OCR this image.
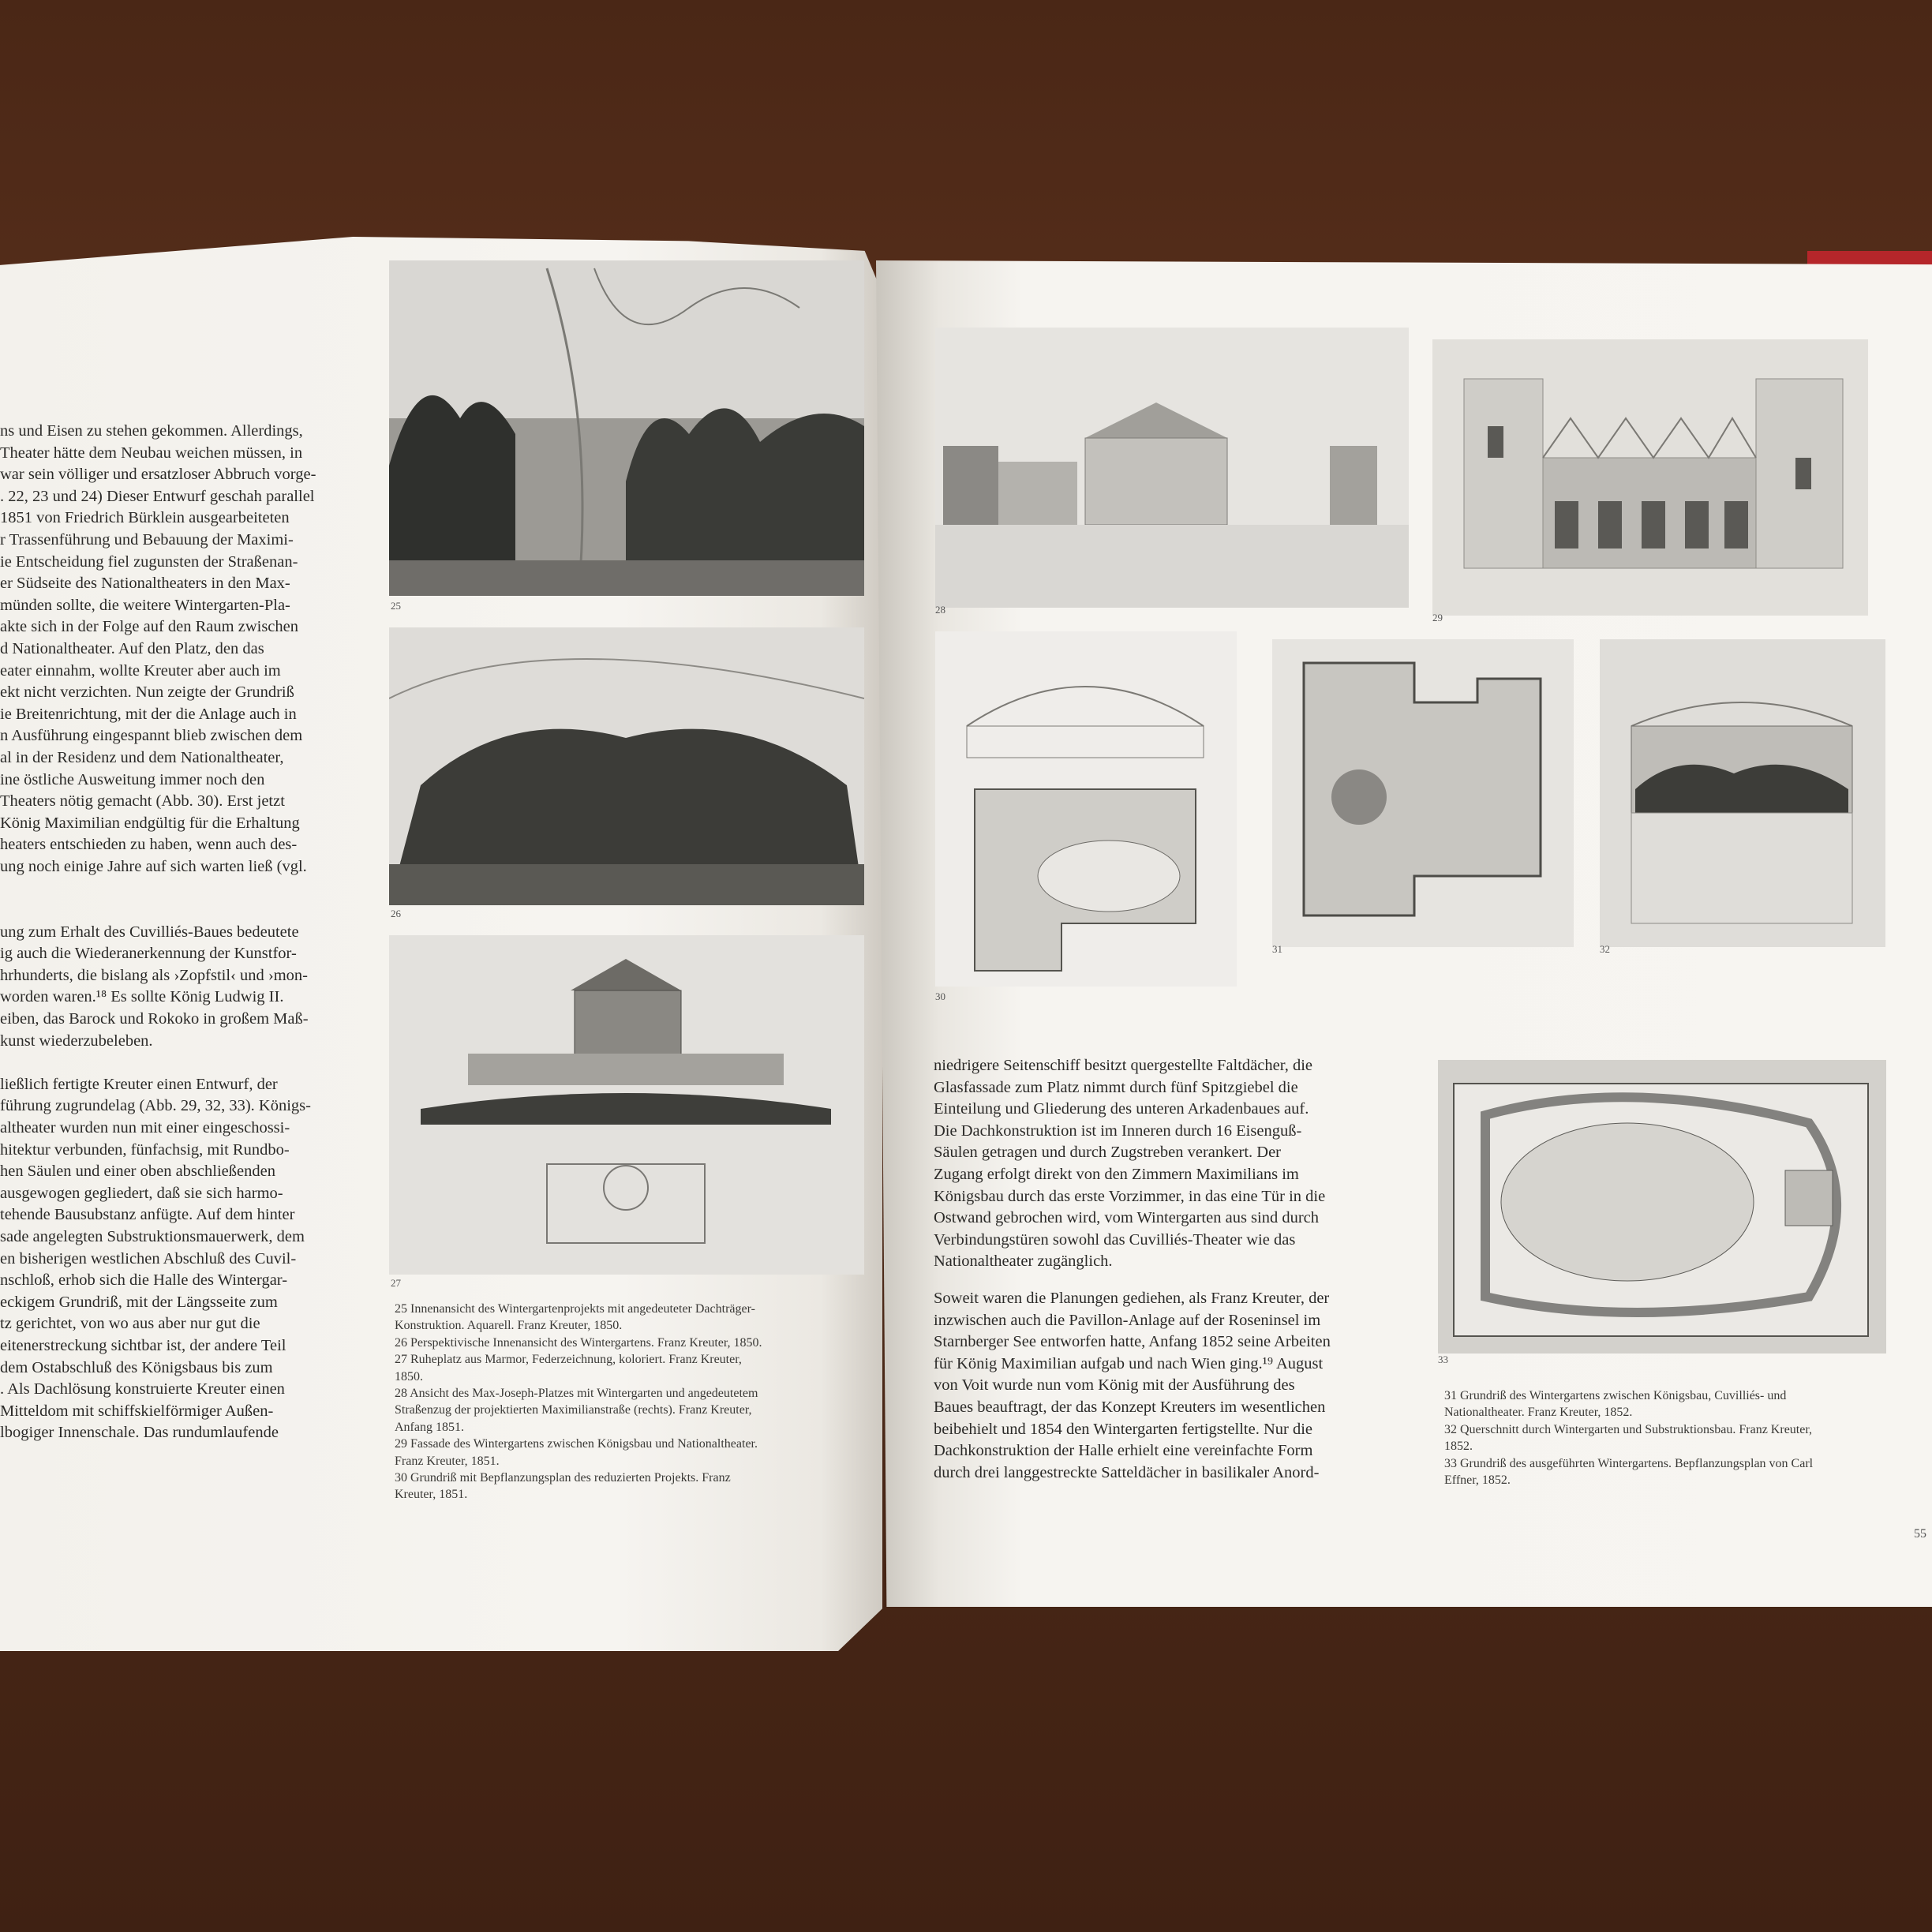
ns und Eisen zu stehen gekommen. Allerdings,
Theater hätte dem Neubau weichen müssen, in
war sein völliger und ersatzloser Abbruch vorge-
. 22, 23 und 24) Dieser Entwurf geschah parallel
1851 von Friedrich Bürklein ausgearbeiteten
r Trassenführung und Bebauung der Maximi-
ie Entscheidung fiel zugunsten der Straßenan-
er Südseite des Nationaltheaters in den Max-
münden sollte, die weitere Wintergarten-Pla-
akte sich in der Folge auf den Raum zwischen
d Nationaltheater. Auf den Platz, den das
eater einnahm, wollte Kreuter aber auch im
ekt nicht verzichten. Nun zeigte der Grundriß
ie Breitenrichtung, mit der die Anlage auch in
n Ausführung eingespannt blieb zwischen dem
al in der Residenz und dem Nationaltheater,
ine östliche Ausweitung immer noch den
Theaters nötig gemacht (Abb. 30). Erst jetzt
König Maximilian endgültig für die Erhaltung
heaters entschieden zu haben, wenn auch des-
ung noch einige Jahre auf sich warten ließ (vgl.
ung zum Erhalt des Cuvilliés-Baues bedeutete
ig auch die Wiederanerkennung der Kunstfor-
hrhunderts, die bislang als ›Zopfstil‹ und ›mon-
worden waren.¹⁸ Es sollte König Ludwig II.
eiben, das Barock und Rokoko in großem Maß-
kunst wiederzubeleben.
ließlich fertigte Kreuter einen Entwurf, der
führung zugrundelag (Abb. 29, 32, 33). Königs-
altheater wurden nun mit einer eingeschossi-
hitektur verbunden, fünfachsig, mit Rundbo-
hen Säulen und einer oben abschließenden
ausgewogen gegliedert, daß sie sich harmo-
tehende Bausubstanz anfügte. Auf dem hinter
sade angelegten Substruktionsmauerwerk, dem
en bisherigen westlichen Abschluß des Cuvil-
nschloß, erhob sich die Halle des Wintergar-
eckigem Grundriß, mit der Längsseite zum
tz gerichtet, von wo aus aber nur gut die
eitenerstreckung sichtbar ist, der andere Teil
dem Ostabschluß des Königsbaus bis zum
. Als Dachlösung konstruierte Kreuter einen
Mitteldom mit schiffskielförmiger Außen-
lbogiger Innenschale. Das rundumlaufende
25
26
27
25 Innenansicht des Wintergartenprojekts mit angedeuteter Dachträger-
Konstruktion. Aquarell. Franz Kreuter, 1850.
26 Perspektivische Innenansicht des Wintergartens. Franz Kreuter, 1850.
27 Ruheplatz aus Marmor, Federzeichnung, koloriert. Franz Kreuter,
1850.
28 Ansicht des Max-Joseph-Platzes mit Wintergarten und angedeutetem
Straßenzug der projektierten Maximilianstraße (rechts). Franz Kreuter,
Anfang 1851.
29 Fassade des Wintergartens zwischen Königsbau und Nationaltheater.
Franz Kreuter, 1851.
30 Grundriß mit Bepflanzungsplan des reduzierten Projekts. Franz
Kreuter, 1851.
28
29
30
31	32
niedrigere Seitenschiff besitzt quergestellte Faltdächer, die
Glasfassade zum Platz nimmt durch fünf Spitzgiebel die
Einteilung und Gliederung des unteren Arkadenbaues auf.
Die Dachkonstruktion ist im Inneren durch 16 Eisenguß-
Säulen getragen und durch Zugstreben verankert. Der
Zugang erfolgt direkt von den Zimmern Maximilians im
Königsbau durch das erste Vorzimmer, in das eine Tür in die
Ostwand gebrochen wird, vom Wintergarten aus sind durch
Verbindungstüren sowohl das Cuvilliés-Theater wie das
Nationaltheater zugänglich.
Soweit waren die Planungen gediehen, als Franz Kreuter, der
inzwischen auch die Pavillon-Anlage auf der Roseninsel im
Starnberger See entworfen hatte, Anfang 1852 seine Arbeiten
für König Maximilian aufgab und nach Wien ging.¹⁹ August
von Voit wurde nun vom König mit der Ausführung des
Baues beauftragt, der das Konzept Kreuters im wesentlichen
beibehielt und 1854 den Wintergarten fertigstellte. Nur die
Dachkonstruktion der Halle erhielt eine vereinfachte Form
durch drei langgestreckte Satteldächer in basilikaler Anord-
33
31 Grundriß des Wintergartens zwischen Königsbau, Cuvilliés- und
Nationaltheater. Franz Kreuter, 1852.
32 Querschnitt durch Wintergarten und Substruktionsbau. Franz Kreuter,
1852.
33 Grundriß des ausgeführten Wintergartens. Bepflanzungsplan von Carl
Effner, 1852.
55
